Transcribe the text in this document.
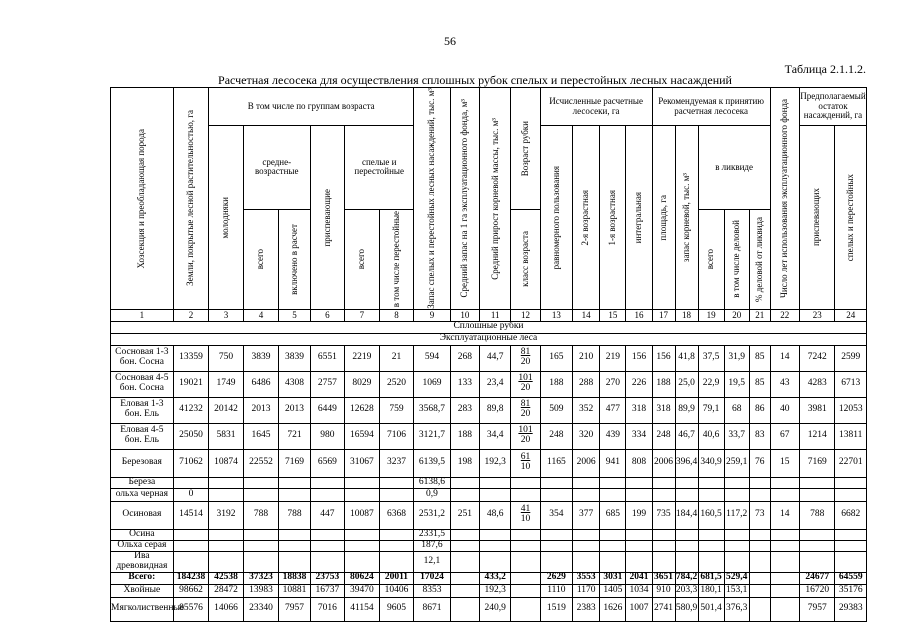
56
Таблица 2.1.1.2.
Расчетная лесосека для осуществления сплошных рубок спелых и перестойных лесных насаждений
Хозсекция и преобладающая порода	Земли, покрытые лесной растительностью, га	В том числе по группам возраста						Запас спелых и перестойных лесных насаждений, тыс. м³	Средний запас на 1 га эксплуатационного фонда, м³	Средний прирост корневой массы, тыс. м³	Возраст рубки	Исчисленные расчетные лесосеки, га				Рекомендуемая к принятию расчетная лесосека					Число лет использования эксплуатационного фонда	Предполагаемый остаток насаждений, га	

		молодняки	средне-возрастные		приспевающие	спелые и перестойные						равномерного пользования	2-я возрастная	1-я возрастная	интегральная	площадь, га	запас корневой, тыс. м³	в ликвиде				приспевающих	спелых и перестойных

			всего	включено в расчет		всего	в том числе перестойные				класс возраста							всего	в том числе деловой	% деловой от ликвида			

1	2	3	4	5	6	7	8	9	10	11	12	13	14	15	16	17	18	19	20	21	22	23	24
Сплошные рубки																							
Эксплуатационные леса																							
Сосновая 1-3 бон. Сосна	13359	750	3839	3839	6551	2219	21	594	268	44,7	$\frac{81}{20}$	165	210	219	156	156	41,8	37,5	31,9	85	14	7242	2599
Сосновая 4-5 бон. Сосна	19021	1749	6486	4308	2757	8029	2520	1069	133	23,4	$\frac{101}{20}$	188	288	270	226	188	25,0	22,9	19,5	85	43	4283	6713
Еловая 1-3 бон. Ель	41232	20142	2013	2013	6449	12628	759	3568,7	283	89,8	$\frac{81}{20}$	509	352	477	318	318	89,9	79,1	68	86	40	3981	12053
Еловая 4-5 бон. Ель	25050	5831	1645	721	980	16594	7106	3121,7	188	34,4	$\frac{101}{20}$	248	320	439	334	248	46,7	40,6	33,7	83	67	1214	13811
Березовая	71062	10874	22552	7169	6569	31067	3237	6139,5	198	192,3	$\frac{61}{10}$	1165	2006	941	808	2006	396,4	340,9	259,1	76	15	7169	22701
Береза								6138,6															
ольха черная	0							0,9															
Осиновая	14514	3192	788	788	447	10087	6368	2531,2	251	48,6	$\frac{41}{10}$	354	377	685	199	735	184,4	160,5	117,2	73	14	788	6682
Осина								2331,5															
Ольха серая								187,6															
Ива древовидная								12,1															
Всего:	184238	42538	37323	18838	23753	80624	20011	17024		433,2		2629	3553	3031	2041	3651	784,2	681,5	529,4			24677	64559
Хвойные	98662	28472	13983	10881	16737	39470	10406	8353		192,3		1110	1170	1405	1034	910	203,3	180,1	153,1			16720	35176
Мягколиственные	85576	14066	23340	7957	7016	41154	9605	8671		240,9		1519	2383	1626	1007	2741	580,9	501,4	376,3			7957	29383
